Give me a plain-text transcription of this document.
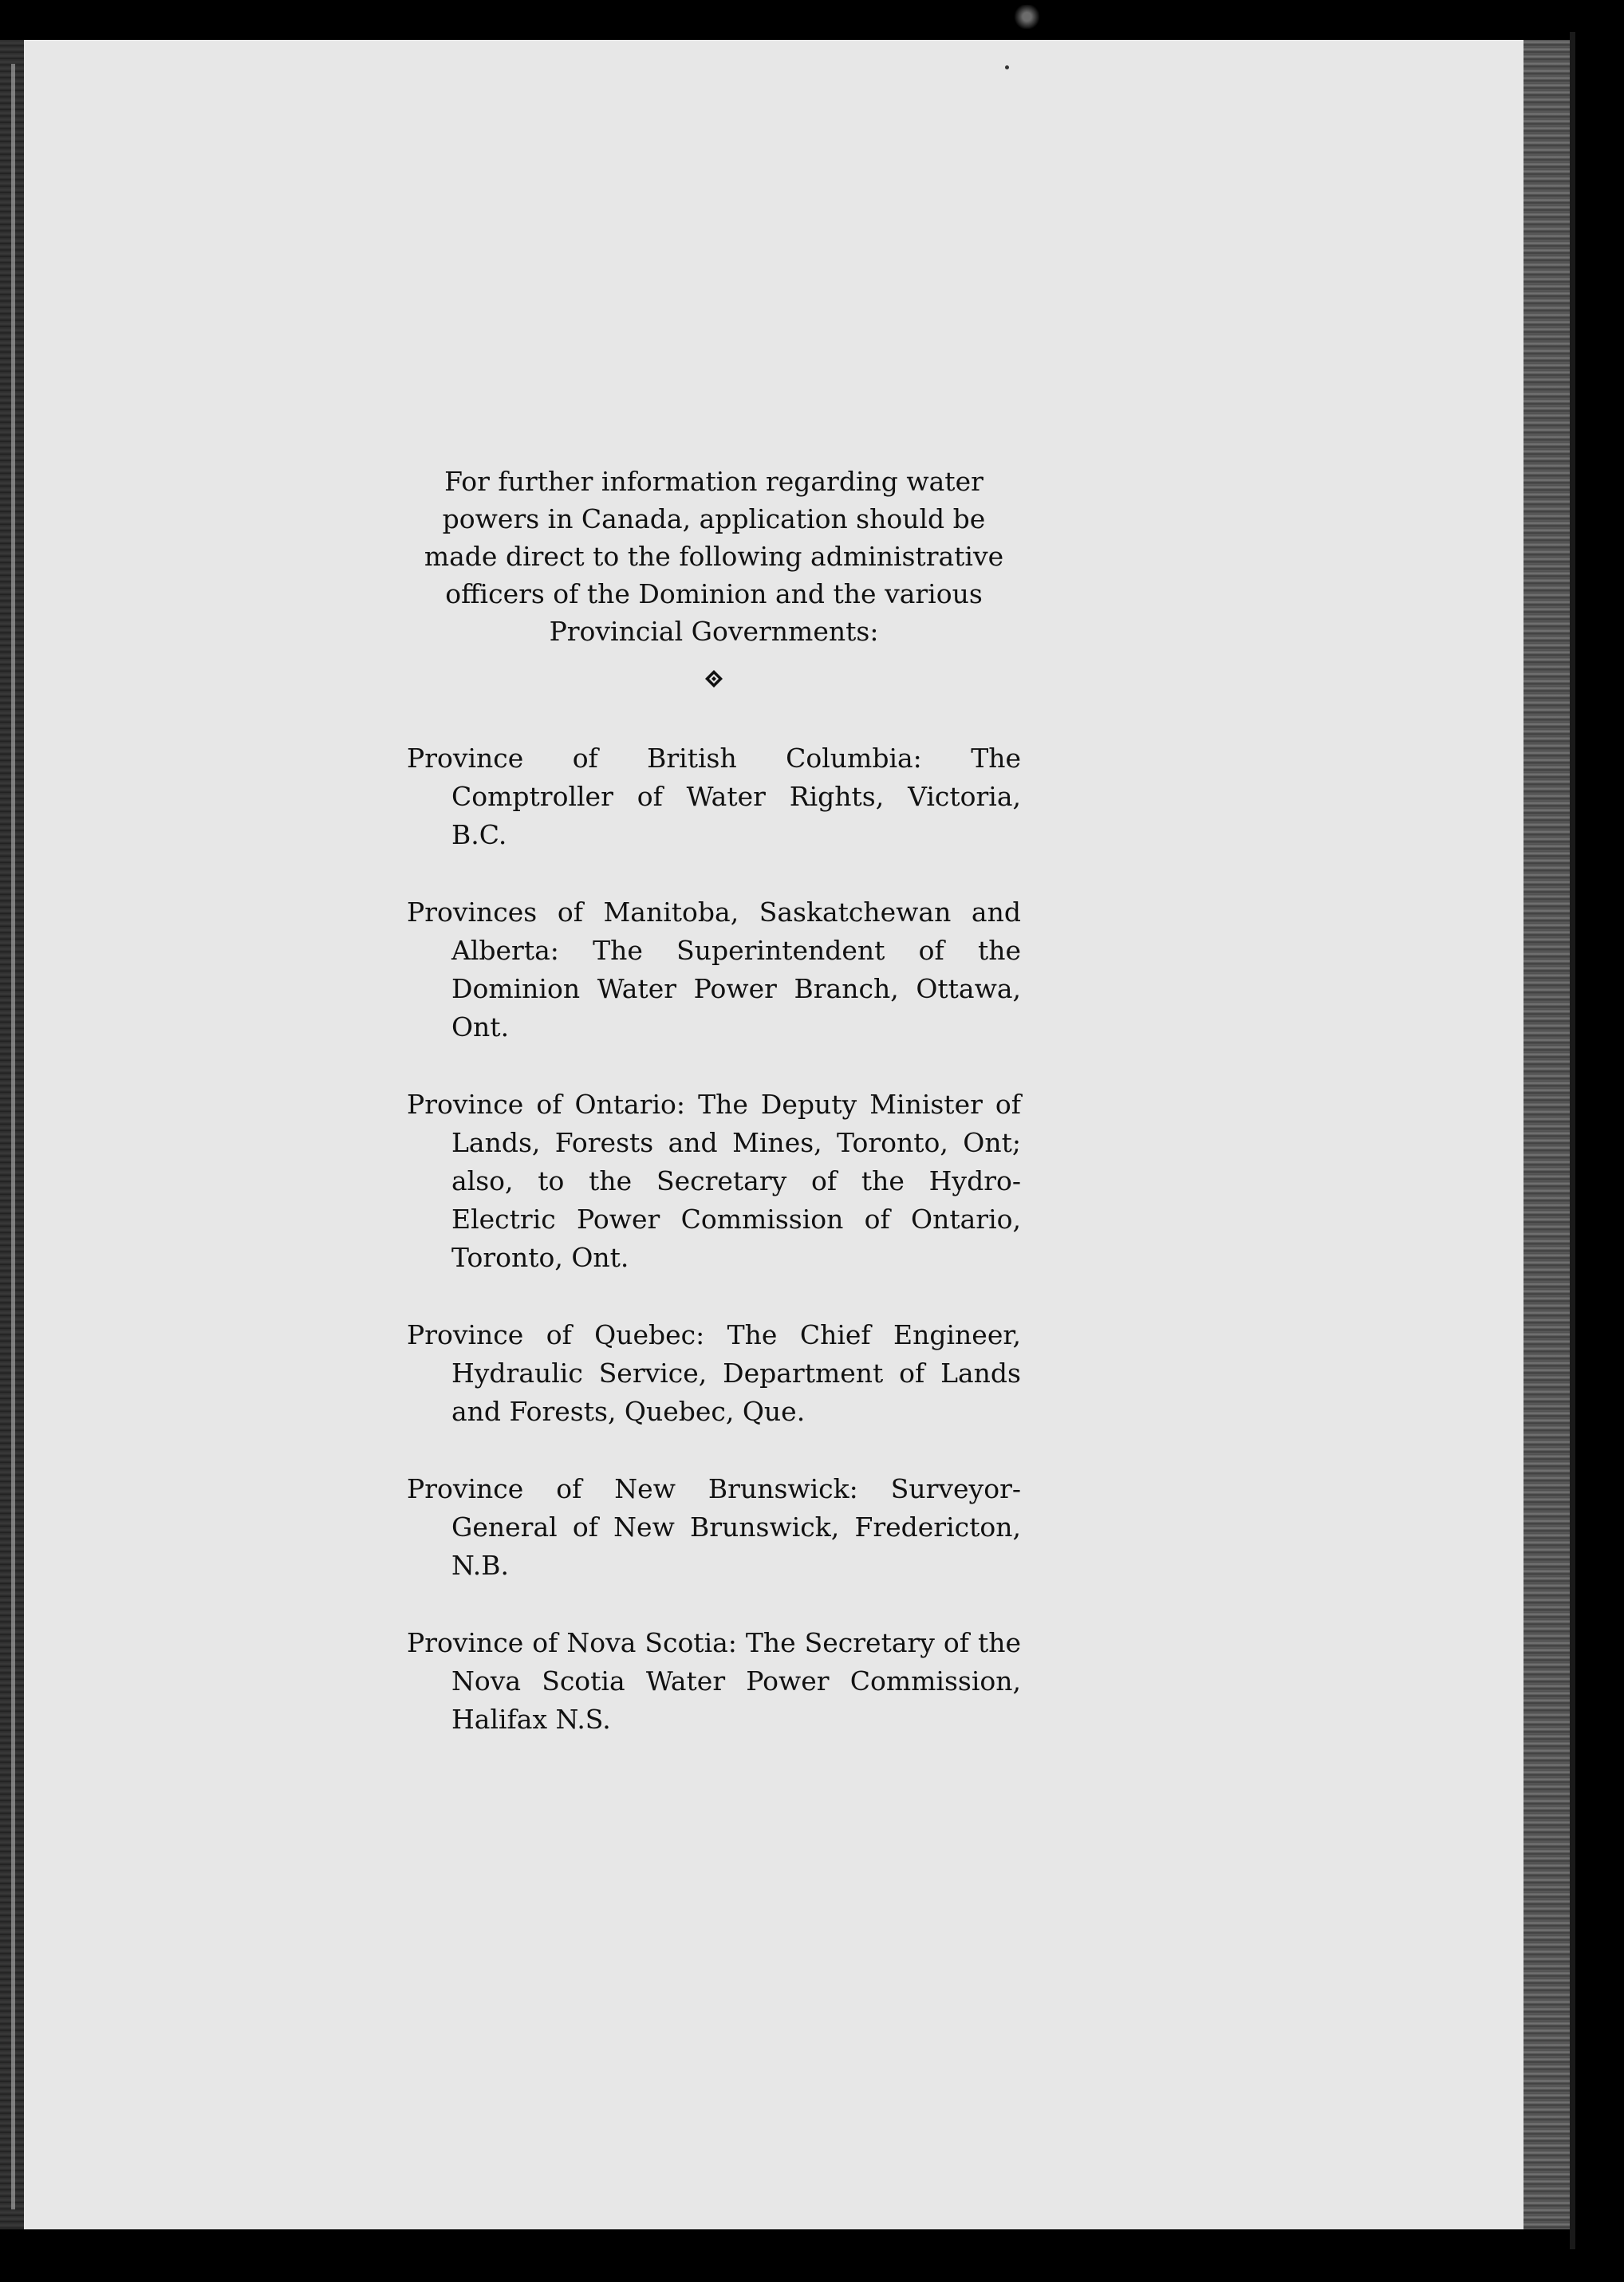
For further information regarding water powers in Canada, application should be made direct to the following administrative officers of the Dominion and the various Provincial Governments:

Province of British Columbia: The Comptroller of Water Rights, Victoria, B.C.

Provinces of Manitoba, Saskatchewan and Alberta: The Superintendent of the Dominion Water Power Branch, Ottawa, Ont.

Province of Ontario: The Deputy Minister of Lands, Forests and Mines, Toronto, Ont; also, to the Secretary of the Hydro-Electric Power Commission of Ontario, Toronto, Ont.

Province of Quebec: The Chief Engineer, Hydraulic Service, Department of Lands and Forests, Quebec, Que.

Province of New Brunswick: Surveyor-General of New Brunswick, Fredericton, N.B.

Province of Nova Scotia: The Secretary of the Nova Scotia Water Power Commission, Halifax N.S.
